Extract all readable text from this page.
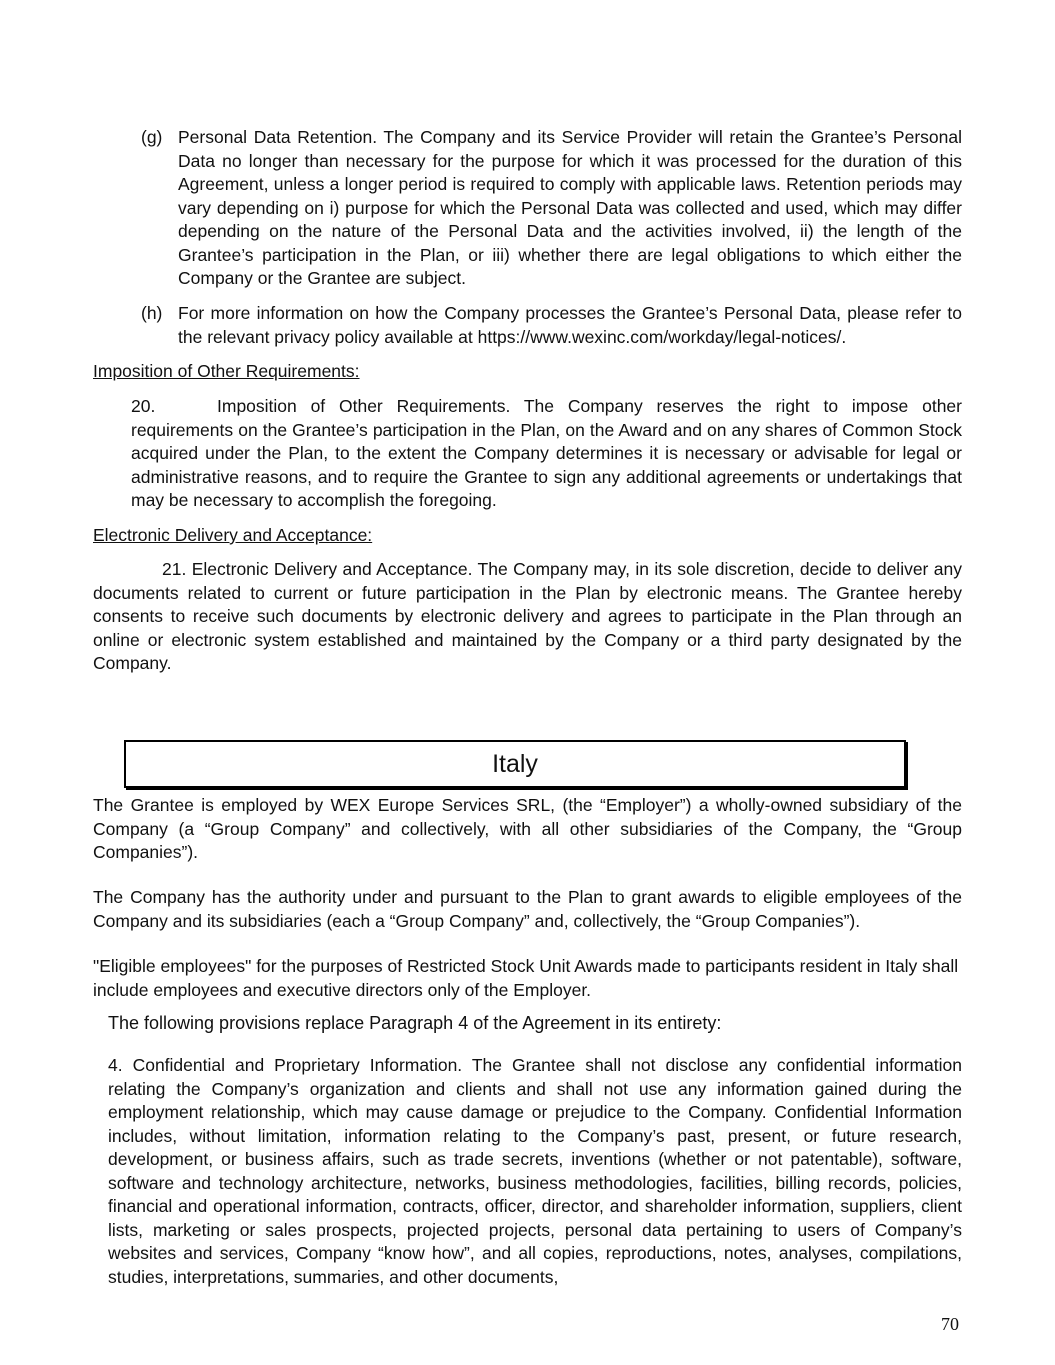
(g) Personal Data Retention. The Company and its Service Provider will retain the Grantee’s Personal Data no longer than necessary for the purpose for which it was processed for the duration of this Agreement, unless a longer period is required to comply with applicable laws. Retention periods may vary depending on i) purpose for which the Personal Data was collected and used, which may differ depending on the nature of the Personal Data and the activities involved, ii) the length of the Grantee’s participation in the Plan, or iii) whether there are legal obligations to which either the Company or the Grantee are subject.
(h) For more information on how the Company processes the Grantee’s Personal Data, please refer to the relevant privacy policy available at https://www.wexinc.com/workday/legal-notices/.
Imposition of Other Requirements:
20.	Imposition of Other Requirements. The Company reserves the right to impose other requirements on the Grantee’s participation in the Plan, on the Award and on any shares of Common Stock acquired under the Plan, to the extent the Company determines it is necessary or advisable for legal or administrative reasons, and to require the Grantee to sign any additional agreements or undertakings that may be necessary to accomplish the foregoing.
Electronic Delivery and Acceptance:
21. Electronic Delivery and Acceptance. The Company may, in its sole discretion, decide to deliver any documents related to current or future participation in the Plan by electronic means. The Grantee hereby consents to receive such documents by electronic delivery and agrees to participate in the Plan through an online or electronic system established and maintained by the Company or a third party designated by the Company.
Italy
The Grantee is employed by WEX Europe Services SRL, (the “Employer”) a wholly-owned subsidiary of the Company (a “Group Company” and collectively, with all other subsidiaries of the Company, the “Group Companies”).
The Company has the authority under and pursuant to the Plan to grant awards to eligible employees of the Company and its subsidiaries (each a “Group Company” and, collectively, the “Group Companies”).
"Eligible employees" for the purposes of Restricted Stock Unit Awards made to participants resident in Italy shall include employees and executive directors only of the Employer.
The following provisions replace Paragraph 4 of the Agreement in its entirety:
4. Confidential and Proprietary Information. The Grantee shall not disclose any confidential information relating the Company’s organization and clients and shall not use any information gained during the employment relationship, which may cause damage or prejudice to the Company. Confidential Information includes, without limitation, information relating to the Company’s past, present, or future research, development, or business affairs, such as trade secrets, inventions (whether or not patentable), software, software and technology architecture, networks, business methodologies, facilities, billing records, policies, financial and operational information, contracts, officer, director, and shareholder information, suppliers, client lists, marketing or sales prospects, projected projects, personal data pertaining to users of Company’s websites and services, Company “know how”, and all copies, reproductions, notes, analyses, compilations, studies, interpretations, summaries, and other documents,
70
